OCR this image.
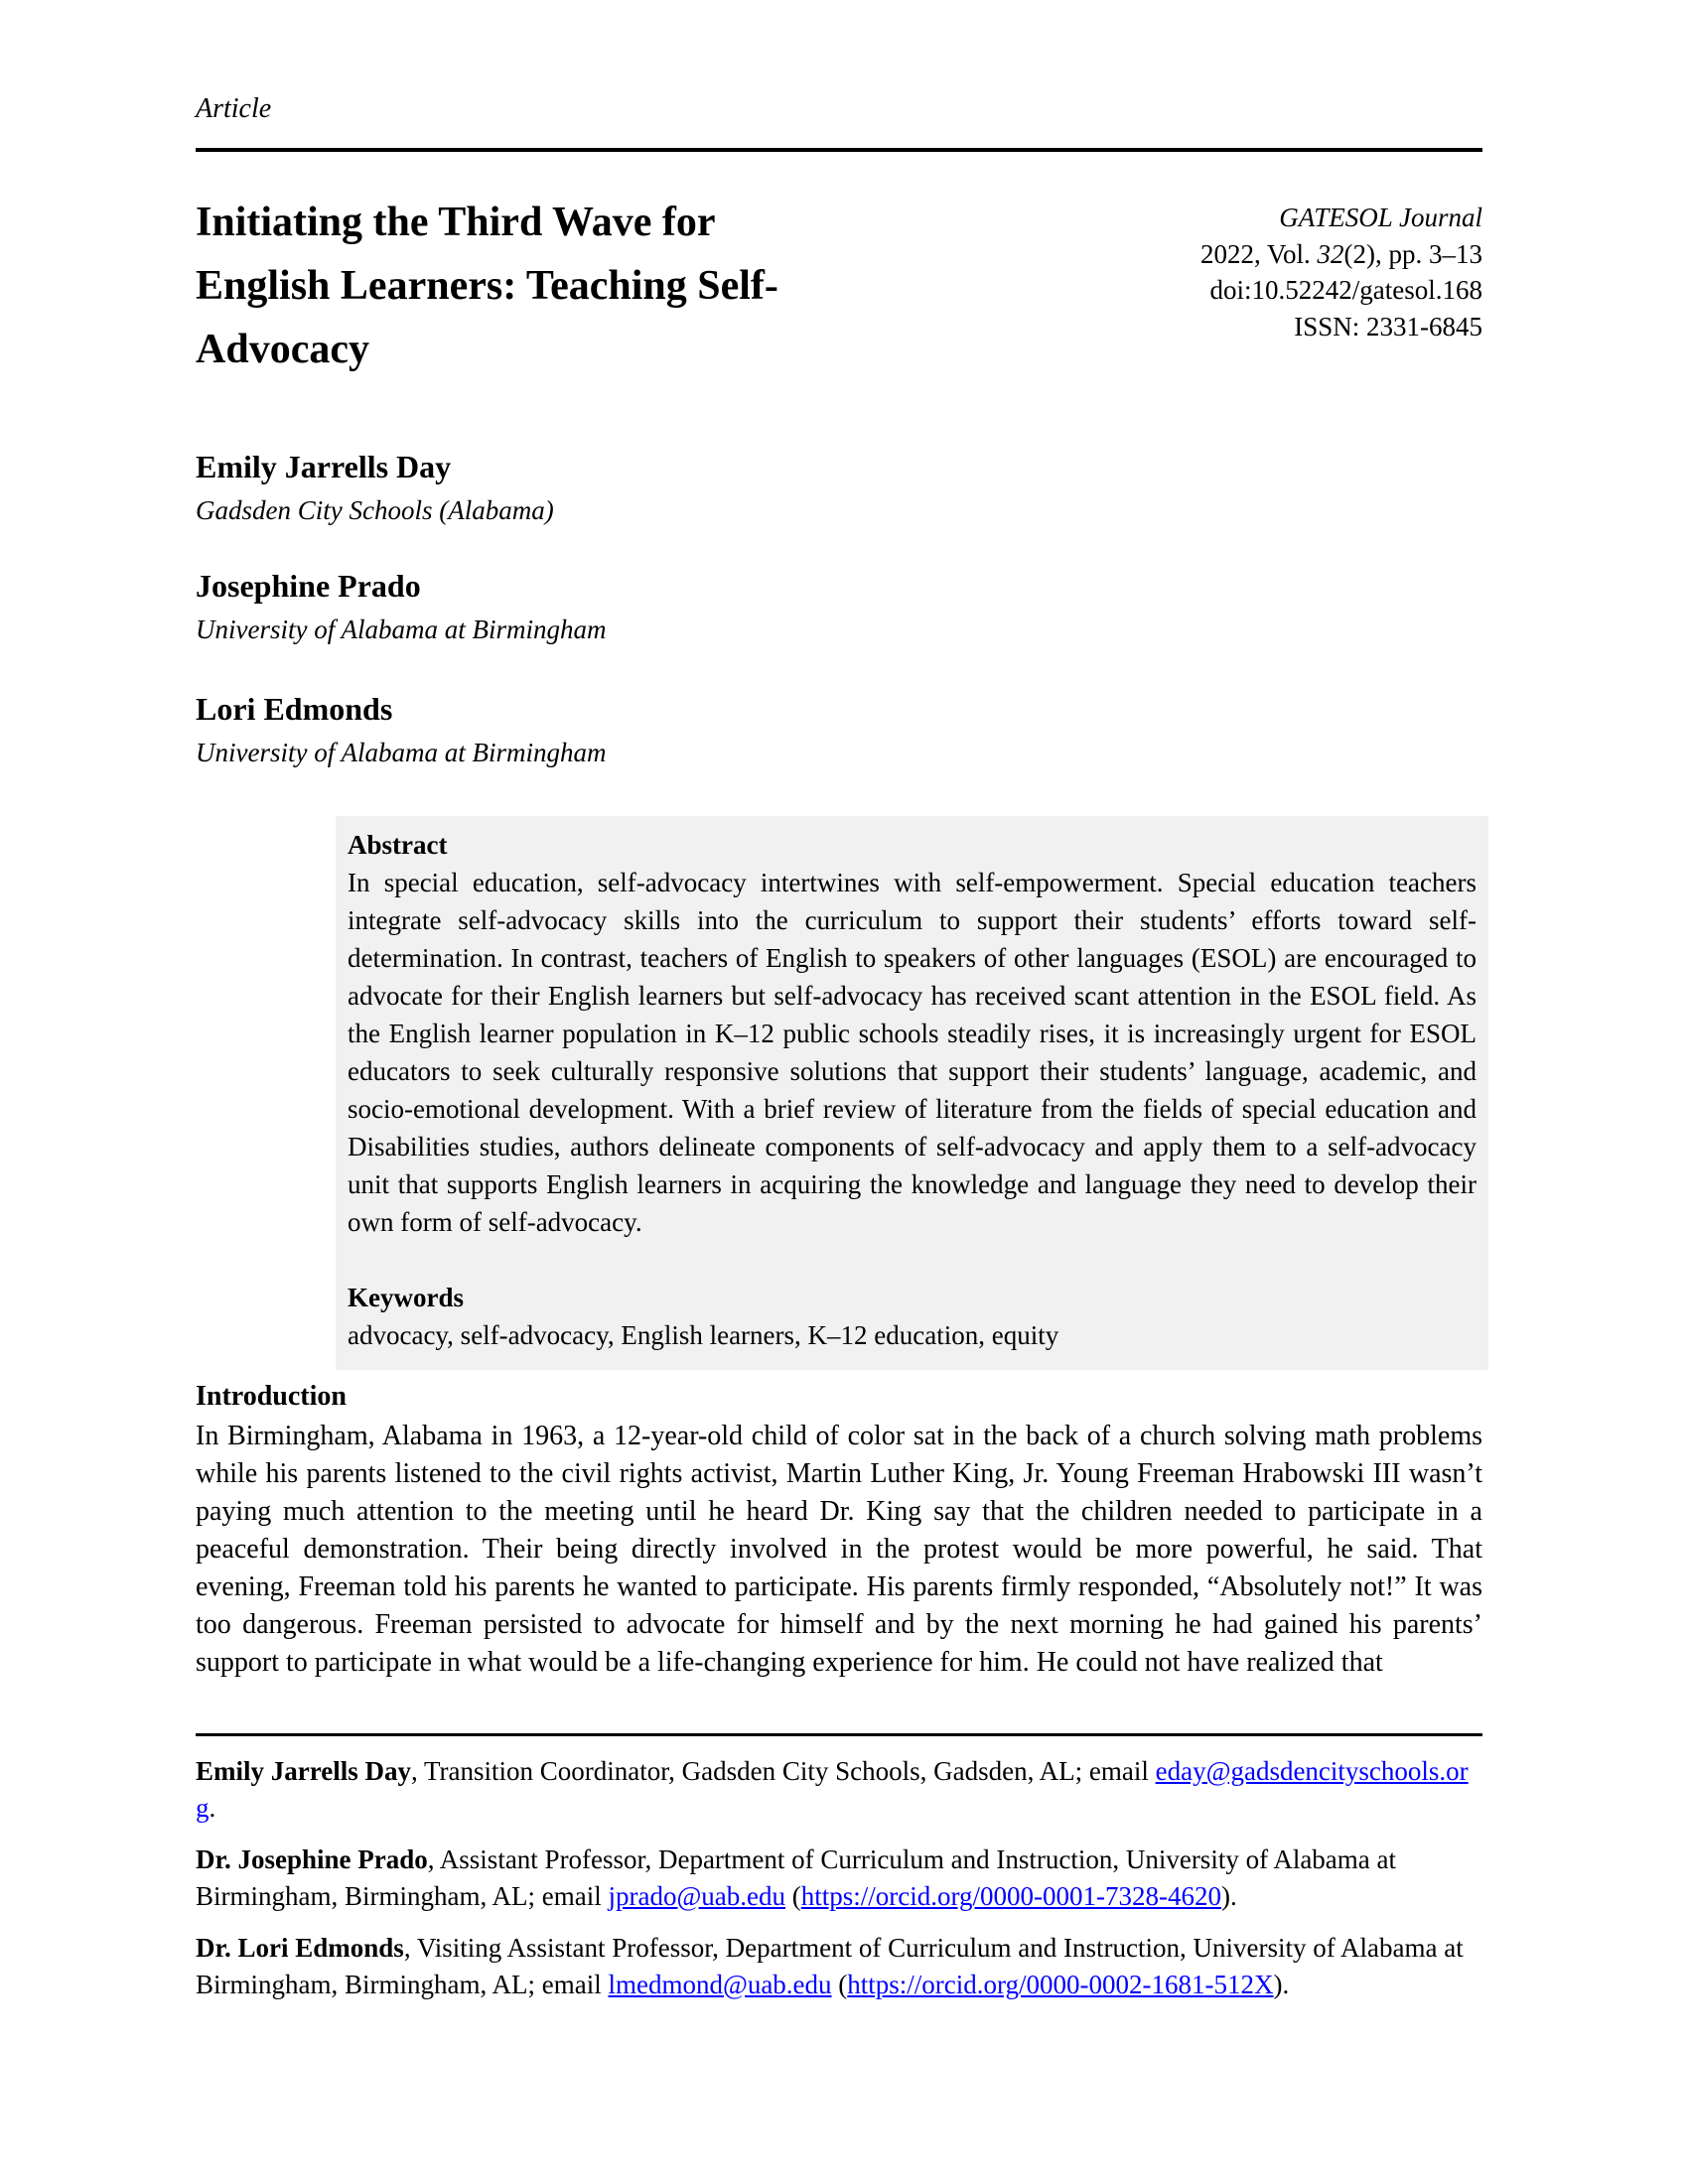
Article
Initiating the Third Wave for
English Learners: Teaching Self-
Advocacy
GATESOL Journal
2022, Vol. 32(2), pp. 3–13
doi:10.52242/gatesol.168
ISSN: 2331-6845

Emily Jarrells Day

Gadsden City Schools (Alabama)

Josephine Prado

University of Alabama at Birmingham

Lori Edmonds

University of Alabama at Birmingham

Abstract

In special education, self-advocacy intertwines with self-empowerment. Special education teachers integrate self-advocacy skills into the curriculum to support their students’ efforts toward self-determination. In contrast, teachers of English to speakers of other languages (ESOL) are encouraged to advocate for their English learners but self-advocacy has received scant attention in the ESOL field. As the English learner population in K–12 public schools steadily rises, it is increasingly urgent for ESOL educators to seek culturally responsive solutions that support their students’ language, academic, and socio-emotional development. With a brief review of literature from the fields of special education and Disabilities studies, authors delineate components of self-advocacy and apply them to a self-advocacy unit that supports English learners in acquiring the knowledge and language they need to develop their own form of self-advocacy.

Keywords

advocacy, self-advocacy, English learners, K–12 education, equity

Introduction

In Birmingham, Alabama in 1963, a 12-year-old child of color sat in the back of a church solving math problems while his parents listened to the civil rights activist, Martin Luther King, Jr. Young Freeman Hrabowski III wasn’t paying much attention to the meeting until he heard Dr. King say that the children needed to participate in a peaceful demonstration. Their being directly involved in the protest would be more powerful, he said. That evening, Freeman told his parents he wanted to participate. His parents firmly responded, “Absolutely not!” It was too dangerous. Freeman persisted to advocate for himself and by the next morning he had gained his parents’ support to participate in what would be a life-changing experience for him. He could not have realized that

Emily Jarrells Day, Transition Coordinator, Gadsden City Schools, Gadsden, AL; email eday@gadsdencityschools.org.

Dr. Josephine Prado, Assistant Professor, Department of Curriculum and Instruction, University of Alabama at Birmingham, Birmingham, AL; email jprado@uab.edu (https://orcid.org/0000-0001-7328-4620).

Dr. Lori Edmonds, Visiting Assistant Professor, Department of Curriculum and Instruction, University of Alabama at Birmingham, Birmingham, AL; email lmedmond@uab.edu (https://orcid.org/0000-0002-1681-512X).
